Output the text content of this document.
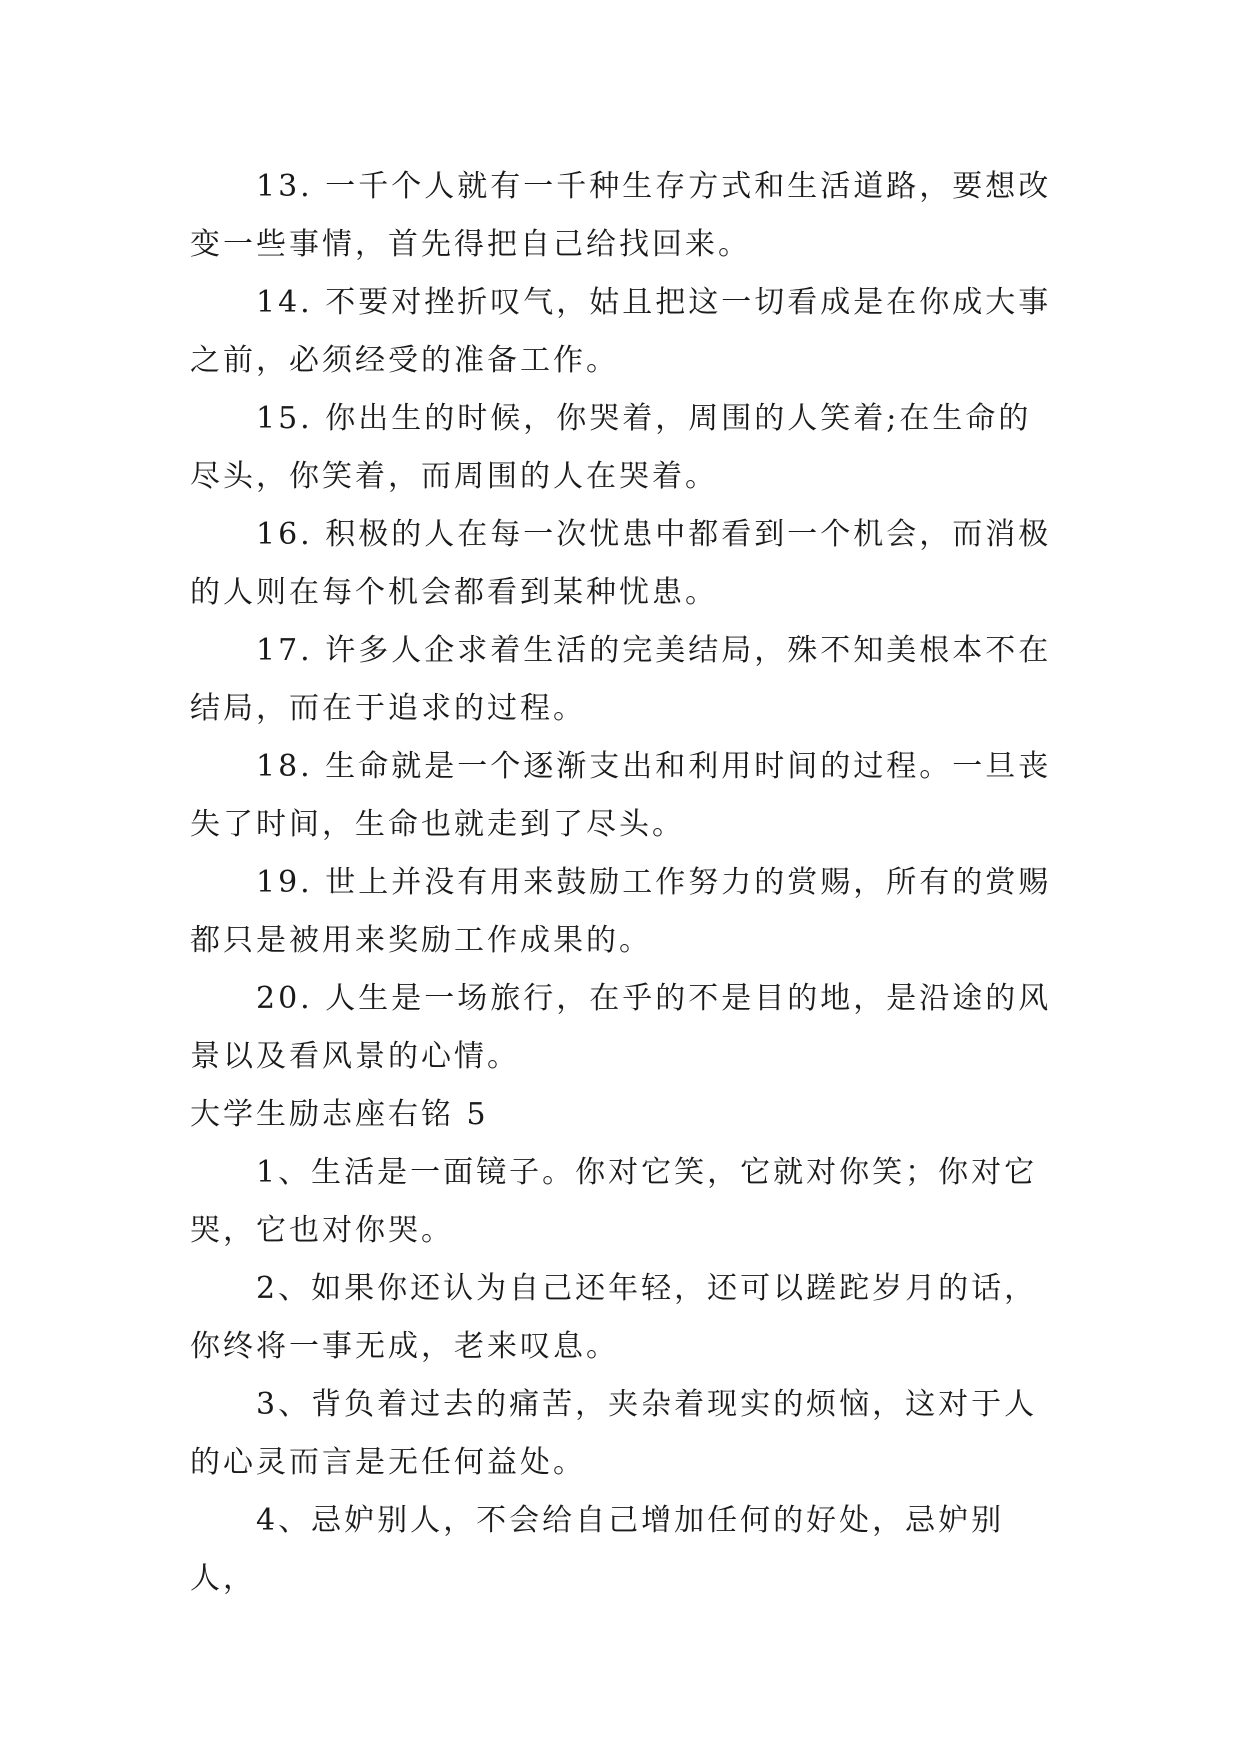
13. 一千个人就有一千种生存方式和生活道路，要想改变一些事情，首先得把自己给找回来。

14. 不要对挫折叹气，姑且把这一切看成是在你成大事之前，必须经受的准备工作。

15. 你出生的时候，你哭着，周围的人笑着;在生命的尽头，你笑着，而周围的人在哭着。

16. 积极的人在每一次忧患中都看到一个机会，而消极的人则在每个机会都看到某种忧患。

17. 许多人企求着生活的完美结局，殊不知美根本不在结局，而在于追求的过程。

18. 生命就是一个逐渐支出和利用时间的过程。一旦丧失了时间，生命也就走到了尽头。

19. 世上并没有用来鼓励工作努力的赏赐，所有的赏赐都只是被用来奖励工作成果的。

20. 人生是一场旅行，在乎的不是目的地，是沿途的风景以及看风景的心情。

大学生励志座右铭 5

1、生活是一面镜子。你对它笑，它就对你笑；你对它哭，它也对你哭。

2、如果你还认为自己还年轻，还可以蹉跎岁月的话，你终将一事无成，老来叹息。

3、背负着过去的痛苦，夹杂着现实的烦恼，这对于人的心灵而言是无任何益处。

4、忌妒别人，不会给自己增加任何的好处，忌妒别人，
